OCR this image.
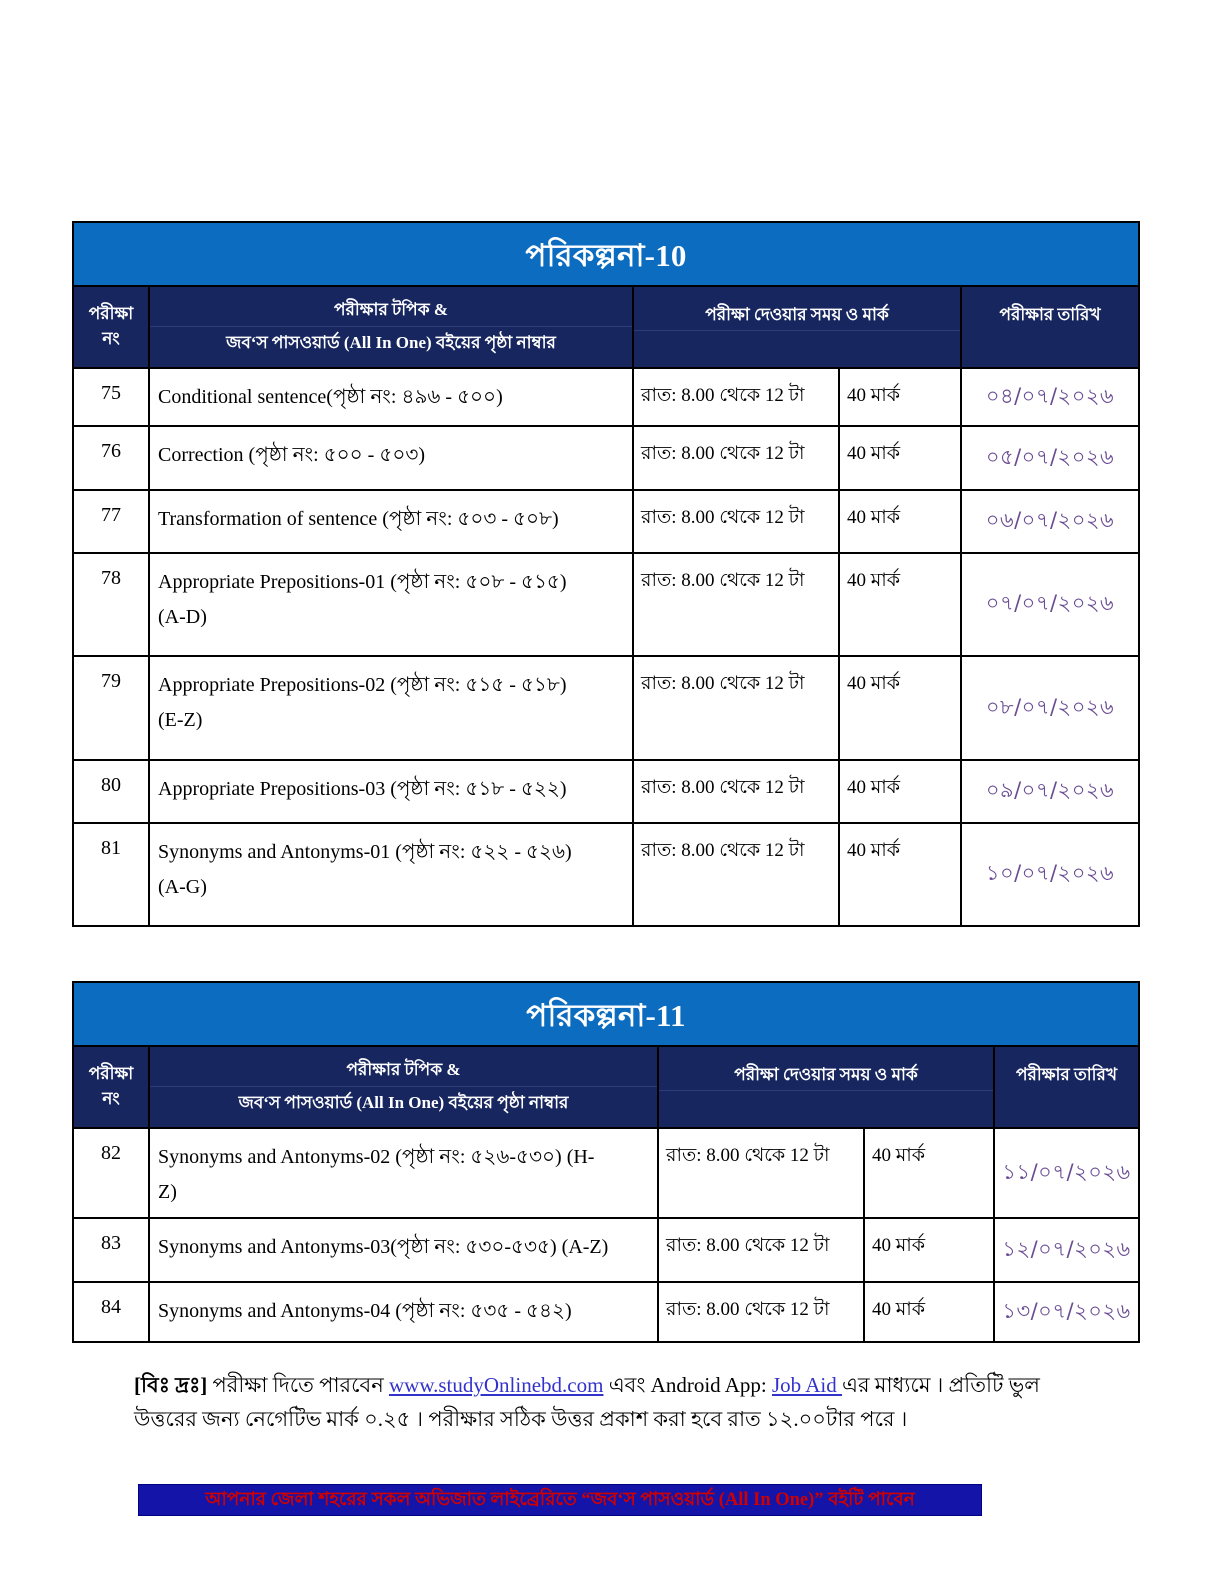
পরিকল্পনা-10				

পরীক্ষা
নং	পরীক্ষার টপিক &
জব‘স পাসওয়ার্ড (All In One) বইয়ের পৃষ্ঠা নাম্বার	পরীক্ষা দেওয়ার সময় ও মার্ক		পরীক্ষার তারিখ

75	Conditional sentence(পৃষ্ঠা নং: ৪৯৬ - ৫০০)	রাত: 8.00 থেকে 12 টা	40 মার্ক	০৪/০৭/২০২৬
76	Correction (পৃষ্ঠা নং: ৫০০ - ৫০৩)	রাত: 8.00 থেকে 12 টা	40 মার্ক	০৫/০৭/২০২৬
77	Transformation of sentence (পৃষ্ঠা নং: ৫০৩ - ৫০৮)	রাত: 8.00 থেকে 12 টা	40 মার্ক	০৬/০৭/২০২৬
78	Appropriate Prepositions-01 (পৃষ্ঠা নং: ৫০৮ - ৫১৫)
(A-D)	রাত: 8.00 থেকে 12 টা	40 মার্ক	০৭/০৭/২০২৬
79	Appropriate Prepositions-02 (পৃষ্ঠা নং: ৫১৫ - ৫১৮)
(E-Z)	রাত: 8.00 থেকে 12 টা	40 মার্ক	০৮/০৭/২০২৬
80	Appropriate Prepositions-03 (পৃষ্ঠা নং: ৫১৮ - ৫২২)	রাত: 8.00 থেকে 12 টা	40 মার্ক	০৯/০৭/২০২৬
81	Synonyms and Antonyms-01 (পৃষ্ঠা নং: ৫২২ - ৫২৬)
(A-G)	রাত: 8.00 থেকে 12 টা	40 মার্ক	১০/০৭/২০২৬
পরিকল্পনা-11				

পরীক্ষা
নং	পরীক্ষার টপিক &
জব‘স পাসওয়ার্ড (All In One) বইয়ের পৃষ্ঠা নাম্বার	পরীক্ষা দেওয়ার সময় ও মার্ক		পরীক্ষার তারিখ

82	Synonyms and Antonyms-02 (পৃষ্ঠা নং: ৫২৬-৫৩০) (H-
Z)	রাত: 8.00 থেকে 12 টা	40 মার্ক	১১/০৭/২০২৬
83	Synonyms and Antonyms-03(পৃষ্ঠা নং: ৫৩০-৫৩৫) (A-Z)	রাত: 8.00 থেকে 12 টা	40 মার্ক	১২/০৭/২০২৬
84	Synonyms and Antonyms-04 (পৃষ্ঠা নং: ৫৩৫ - ৫৪২)	রাত: 8.00 থেকে 12 টা	40 মার্ক	১৩/০৭/২০২৬
[বিঃ দ্রঃ] পরীক্ষা দিতে পারবেন www.studyOnlinebd.com এবং Android App: Job Aid এর মাধ্যমে । প্রতিটি ভুল উত্তরের জন্য নেগেটিভ মার্ক ০.২৫ । পরীক্ষার সঠিক উত্তর প্রকাশ করা হবে রাত ১২.০০টার পরে ।
আপনার জেলা শহরের সকল অভিজাত লাইব্রেরিতে “জব‘স পাসওয়ার্ড (All In One)” বইটি পাবেন
